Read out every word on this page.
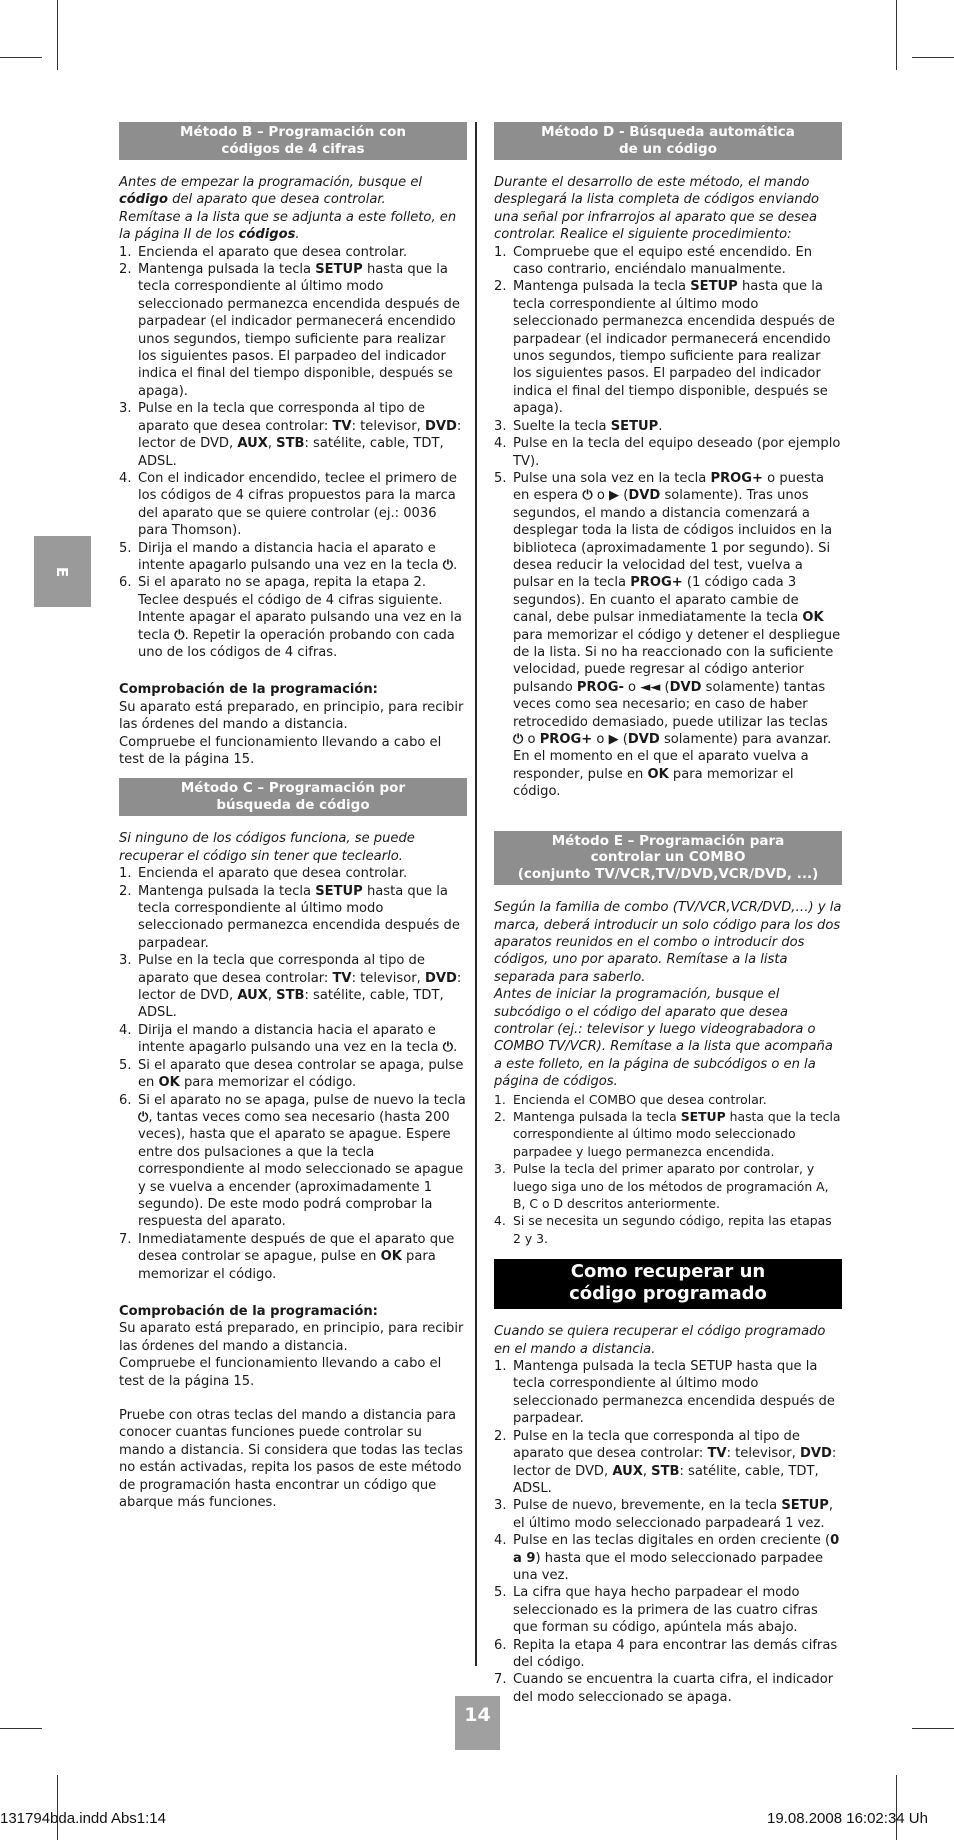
E
Método B – Programación con
códigos de 4 cifras
Antes de empezar la programación, busque el código del aparato que desea controlar.
Remítase a la lista que se adjunta a este folleto, en la página II de los códigos.
1. Encienda el aparato que desea controlar.
2. Mantenga pulsada la tecla SETUP hasta que la tecla correspondiente al último modo seleccionado permanezca encendida después de parpadear (el indicador permanecerá encendido unos segundos, tiempo suficiente para realizar los siguientes pasos. El parpadeo del indicador indica el final del tiempo disponible, después se apaga).
3. Pulse en la tecla que corresponda al tipo de aparato que desea controlar: TV: televisor, DVD: lector de DVD, AUX, STB: satélite, cable, TDT, ADSL.
4. Con el indicador encendido, teclee el primero de los códigos de 4 cifras propuestos para la marca del aparato que se quiere controlar (ej.: 0036 para Thomson).
5. Dirija el mando a distancia hacia el aparato e intente apagarlo pulsando una vez en la tecla ⏻.
6. Si el aparato no se apaga, repita la etapa 2. Teclee después el código de 4 cifras siguiente. Intente apagar el aparato pulsando una vez en la tecla ⏻. Repetir la operación probando con cada uno de los códigos de 4 cifras.
Comprobación de la programación:
Su aparato está preparado, en principio, para recibir las órdenes del mando a distancia.
Compruebe el funcionamiento llevando a cabo el test de la página 15.
Método C – Programación por
búsqueda de código
Si ninguno de los códigos funciona, se puede recuperar el código sin tener que teclearlo.
1. Encienda el aparato que desea controlar.
2. Mantenga pulsada la tecla SETUP hasta que la tecla correspondiente al último modo seleccionado permanezca encendida después de parpadear.
3. Pulse en la tecla que corresponda al tipo de aparato que desea controlar: TV: televisor, DVD: lector de DVD, AUX, STB: satélite, cable, TDT, ADSL.
4. Dirija el mando a distancia hacia el aparato e intente apagarlo pulsando una vez en la tecla ⏻.
5. Si el aparato que desea controlar se apaga, pulse en OK para memorizar el código.
6. Si el aparato no se apaga, pulse de nuevo la tecla ⏻, tantas veces como sea necesario (hasta 200 veces), hasta que el aparato se apague. Espere entre dos pulsaciones a que la tecla correspondiente al modo seleccionado se apague y se vuelva a encender (aproximadamente 1 segundo). De este modo podrá comprobar la respuesta del aparato.
7. Inmediatamente después de que el aparato que desea controlar se apague, pulse en OK para memorizar el código.
Comprobación de la programación:
Su aparato está preparado, en principio, para recibir las órdenes del mando a distancia.
Compruebe el funcionamiento llevando a cabo el test de la página 15.
Pruebe con otras teclas del mando a distancia para conocer cuantas funciones puede controlar su mando a distancia. Si considera que todas las teclas no están activadas, repita los pasos de este método de programación hasta encontrar un código que abarque más funciones.
Método D - Búsqueda automática
de un código
Durante el desarrollo de este método, el mando desplegará la lista completa de códigos enviando una señal por infrarrojos al aparato que se desea controlar. Realice el siguiente procedimiento:
1. Compruebe que el equipo esté encendido. En caso contrario, enciéndalo manualmente.
2. Mantenga pulsada la tecla SETUP hasta que la tecla correspondiente al último modo seleccionado permanezca encendida después de parpadear (el indicador permanecerá encendido unos segundos, tiempo suficiente para realizar los siguientes pasos. El parpadeo del indicador indica el final del tiempo disponible, después se apaga).
3. Suelte la tecla SETUP.
4. Pulse en la tecla del equipo deseado (por ejemplo TV).
5. Pulse una sola vez en la tecla PROG+ o puesta en espera ⏻ o ▶ (DVD solamente). Tras unos segundos, el mando a distancia comenzará a desplegar toda la lista de códigos incluidos en la biblioteca (aproximadamente 1 por segundo). Si desea reducir la velocidad del test, vuelva a pulsar en la tecla PROG+ (1 código cada 3 segundos). En cuanto el aparato cambie de canal, debe pulsar inmediatamente la tecla OK para memorizar el código y detener el despliegue de la lista. Si no ha reaccionado con la suficiente velocidad, puede regresar al código anterior pulsando PROG- o ◄◄ (DVD solamente) tantas veces como sea necesario; en caso de haber retrocedido demasiado, puede utilizar las teclas ⏻ o PROG+ o ▶ (DVD solamente) para avanzar. En el momento en el que el aparato vuelva a responder, pulse en OK para memorizar el código.
Método E – Programación para
controlar un COMBO
(conjunto TV/VCR,TV/DVD,VCR/DVD, ...)
Según la familia de combo (TV/VCR,VCR/DVD,…) y la marca, deberá introducir un solo código para los dos aparatos reunidos en el combo o introducir dos códigos, uno por aparato. Remítase a la lista separada para saberlo.
Antes de iniciar la programación, busque el subcódigo o el código del aparato que desea controlar (ej.: televisor y luego videograbadora o COMBO TV/VCR). Remítase a la lista que acompaña a este folleto, en la página de subcódigos o en la página de códigos.
1. Encienda el COMBO que desea controlar.
2. Mantenga pulsada la tecla SETUP hasta que la tecla correspondiente al último modo seleccionado parpadee y luego permanezca encendida.
3. Pulse la tecla del primer aparato por controlar, y luego siga uno de los métodos de programación A, B, C o D descritos anteriormente.
4. Si se necesita un segundo código, repita las etapas 2 y 3.
Como recuperar un
código programado
Cuando se quiera recuperar el código programado en el mando a distancia.
1. Mantenga pulsada la tecla SETUP hasta que la tecla correspondiente al último modo seleccionado permanezca encendida después de parpadear.
2. Pulse en la tecla que corresponda al tipo de aparato que desea controlar: TV: televisor, DVD: lector de DVD, AUX, STB: satélite, cable, TDT, ADSL.
3. Pulse de nuevo, brevemente, en la tecla SETUP, el último modo seleccionado parpadeará 1 vez.
4. Pulse en las teclas digitales en orden creciente (0 a 9) hasta que el modo seleccionado parpadee una vez.
5. La cifra que haya hecho parpadear el modo seleccionado es la primera de las cuatro cifras que forman su código, apúntela más abajo.
6. Repita la etapa 4 para encontrar las demás cifras del código.
7. Cuando se encuentra la cuarta cifra, el indicador del modo seleccionado se apaga.
14
131794bda.indd Abs1:14	19.08.2008 16:02:34 Uh
